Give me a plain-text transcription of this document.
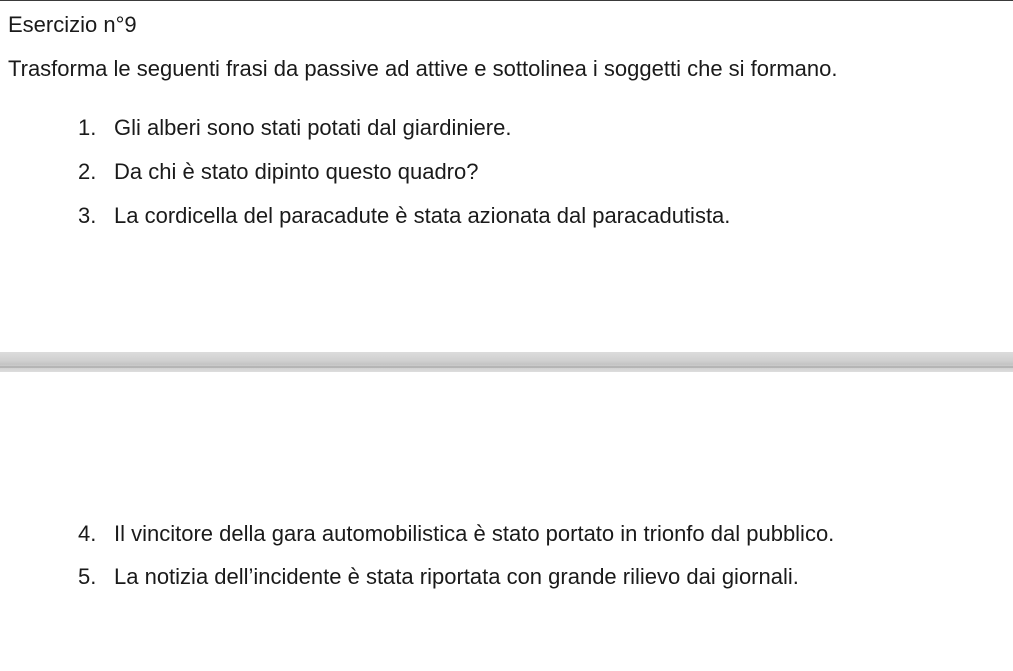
Esercizio n°9
Trasforma le seguenti frasi da passive ad attive e sottolinea i soggetti che si formano.
1. Gli alberi sono stati potati dal giardiniere.
2. Da chi è stato dipinto questo quadro?
3. La cordicella del paracadute è stata azionata dal paracadutista.
4. Il vincitore della gara automobilistica è stato portato in trionfo dal pubblico.
5. La notizia dell’incidente è stata riportata con grande rilievo dai giornali.
